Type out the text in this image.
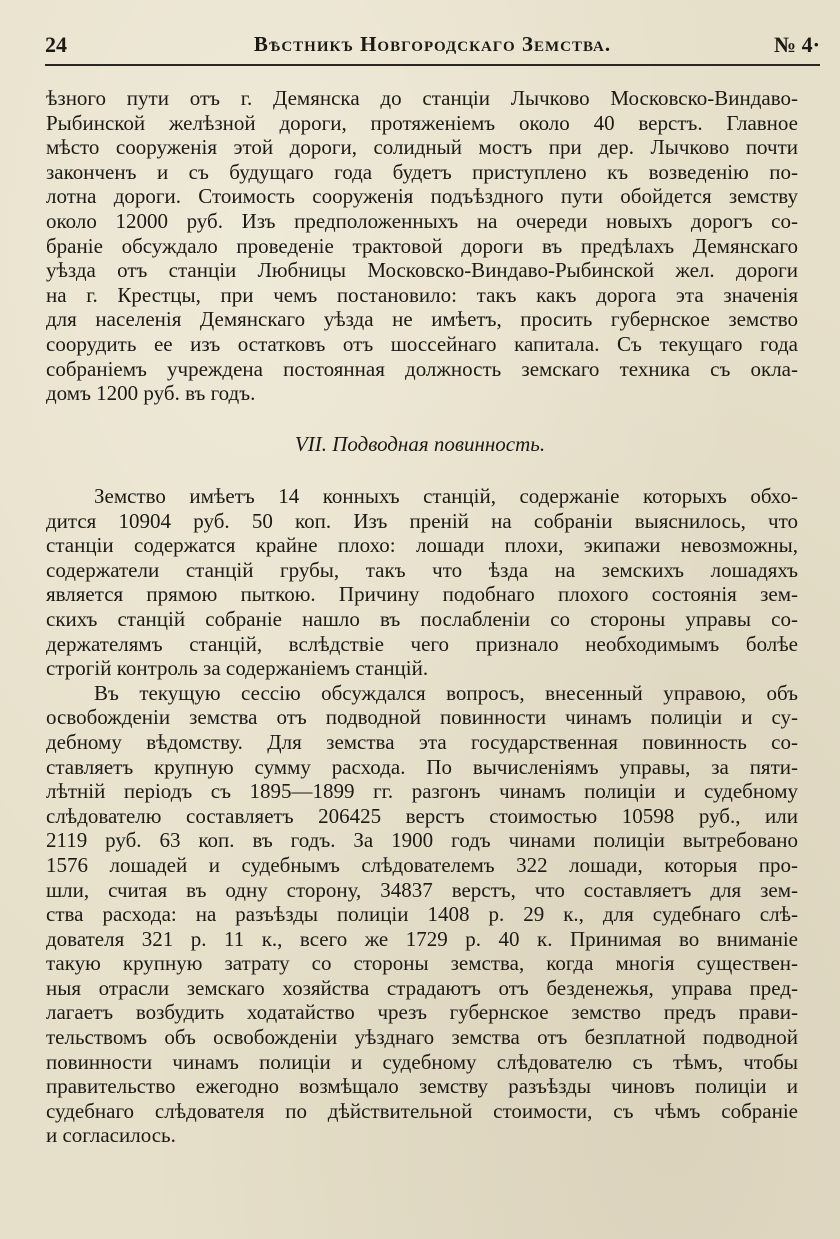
24	Вѣстникъ Новгородскаго Земства.	№ 4·
ѣзного пути отъ г. Демянска до станціи Лычково Московско-Виндаво-
Рыбинской желѣзной дороги, протяженіемъ около 40 верстъ. Главное
мѣсто сооруженія этой дороги, солидный мостъ при дер. Лычково почти
законченъ и съ будущаго года будетъ приступлено къ возведенію по-
лотна дороги. Стоимость сооруженія подъѣздного пути обойдется земству
около 12000 руб. Изъ предположенныхъ на очереди новыхъ дорогъ со-
браніе обсуждало проведеніе трактовой дороги въ предѣлахъ Демянскаго
уѣзда отъ станціи Любницы Московско-Виндаво-Рыбинской жел. дороги
на г. Крестцы, при чемъ постановило: такъ какъ дорога эта значенія
для населенія Демянскаго уѣзда не имѣетъ, просить губернское земство
соорудить ее изъ остатковъ отъ шоссейнаго капитала. Съ текущаго года
собраніемъ учреждена постоянная должность земскаго техника съ окла-
домъ 1200 руб. въ годъ.
VII. Подводная повинность.
Земство имѣетъ 14 конныхъ станцій, содержаніе которыхъ обхо-
дится 10904 руб. 50 коп. Изъ преній на собраніи выяснилось, что
станціи содержатся крайне плохо: лошади плохи, экипажи невозможны,
содержатели станцій грубы, такъ что ѣзда на земскихъ лошадяхъ
является прямою пыткою. Причину подобнаго плохого состоянія зем-
скихъ станцій собраніе нашло въ послабленіи со стороны управы со-
держателямъ станцій, вслѣдствіе чего признало необходимымъ болѣе
строгій контроль за содержаніемъ станцій.
Въ текущую сессію обсуждался вопросъ, внесенный управою, объ
освобожденіи земства отъ подводной повинности чинамъ полиціи и су-
дебному вѣдомству. Для земства эта государственная повинность со-
ставляетъ крупную сумму расхода. По вычисленіямъ управы, за пяти-
лѣтній періодъ съ 1895—1899 гг. разгонъ чинамъ полиціи и судебному
слѣдователю составляетъ 206425 верстъ стоимостью 10598 руб., или
2119 руб. 63 коп. въ годъ. За 1900 годъ чинами полиціи вытребовано
1576 лошадей и судебнымъ слѣдователемъ 322 лошади, которыя про-
шли, считая въ одну сторону, 34837 верстъ, что составляетъ для зем-
ства расхода: на разъѣзды полиціи 1408 р. 29 к., для судебнаго слѣ-
дователя 321 р. 11 к., всего же 1729 р. 40 к. Принимая во вниманіе
такую крупную затрату со стороны земства, когда многія существен-
ныя отрасли земскаго хозяйства страдаютъ отъ безденежья, управа пред-
лагаетъ возбудить ходатайство чрезъ губернское земство предъ прави-
тельствомъ объ освобожденіи уѣзднаго земства отъ безплатной подводной
повинности чинамъ полиціи и судебному слѣдователю съ тѣмъ, чтобы
правительство ежегодно возмѣщало земству разъѣзды чиновъ полиціи и
судебнаго слѣдователя по дѣйствительной стоимости, съ чѣмъ собраніе
и согласилось.
